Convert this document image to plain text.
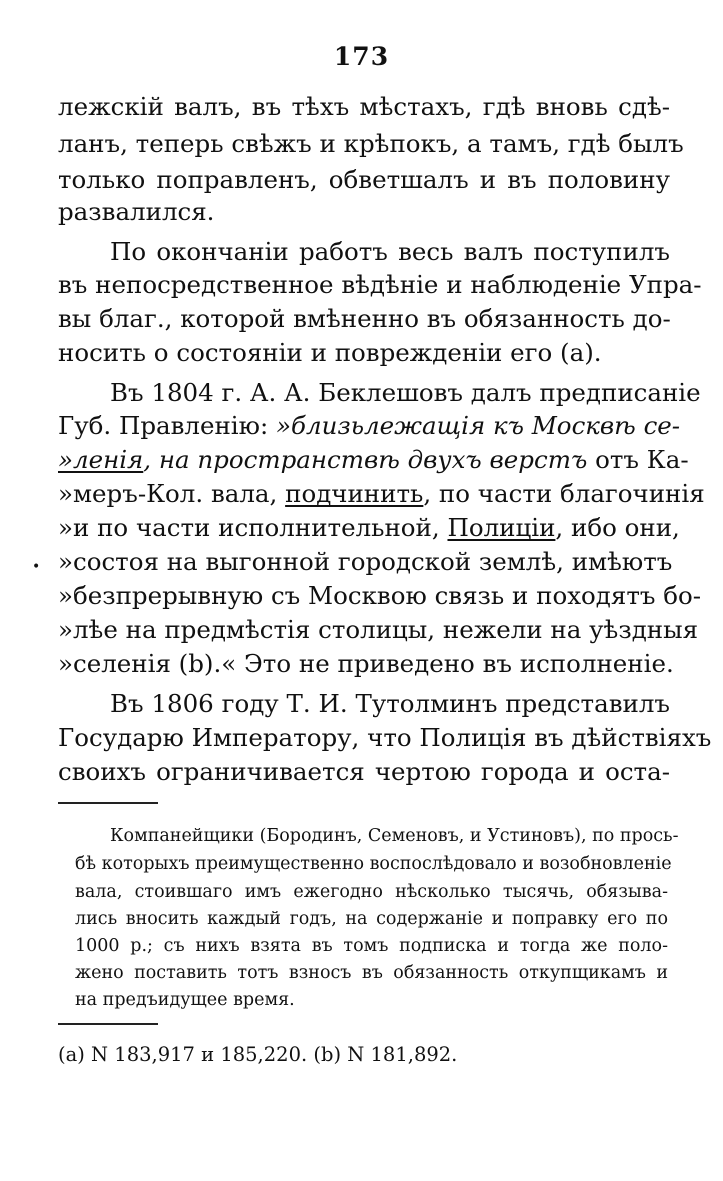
173
лежскiй валъ, въ тѣхъ мѣстахъ, гдѣ вновь сдѣ-
ланъ, теперь свѣжъ и крѣпокъ, а тамъ, гдѣ былъ
только поправленъ, обветшалъ и въ половину
развалился.
По окончанiи работъ весь валъ поступилъ
въ непосредственное вѣдѣнiе и наблюденiе Упра-
вы благ., которой вмѣненно въ обязанность до-
носить о состоянiи и поврежденiи его (а).
Въ 1804 г. А. А. Беклешовъ далъ предписанiе
Губ. Правленiю: »близьлежащiя къ Москвѣ се-
»ленiя, на пространствѣ двухъ верстъ отъ Ка-
»меръ-Кол. вала, подчинить, по части благочинiя
»и по части исполнительной, Полицiи, ибо они,
»состоя на выгонной городской землѣ, имѣютъ
»безпрерывную съ Москвою связь и походятъ бо-
»лѣе на предмѣстiя столицы, нежели на уѣздныя
»селенiя (b).« Это не приведено въ исполненiе.
Въ 1806 году Т. И. Тутолминъ представилъ
Государю Императору, что Полицiя въ дѣйствiяхъ
своихъ ограничивается чертою города и оста-
•
Компанейщики (Бородинъ, Семеновъ, и Устиновъ), по прось-
бѣ которыхъ преимущественно воспослѣдовало и возобновленiе
вала, стоившаго имъ ежегодно нѣсколько тысячь, обязыва-
лись вносить каждый годъ, на содержанiе и поправку его по
1000 р.; съ нихъ взята въ томъ подписка и тогда же поло-
жено поставить тотъ взносъ въ обязанность откупщикамъ и
на предъидущее время.
(а) N 183,917 и 185,220. (b) N 181,892.
